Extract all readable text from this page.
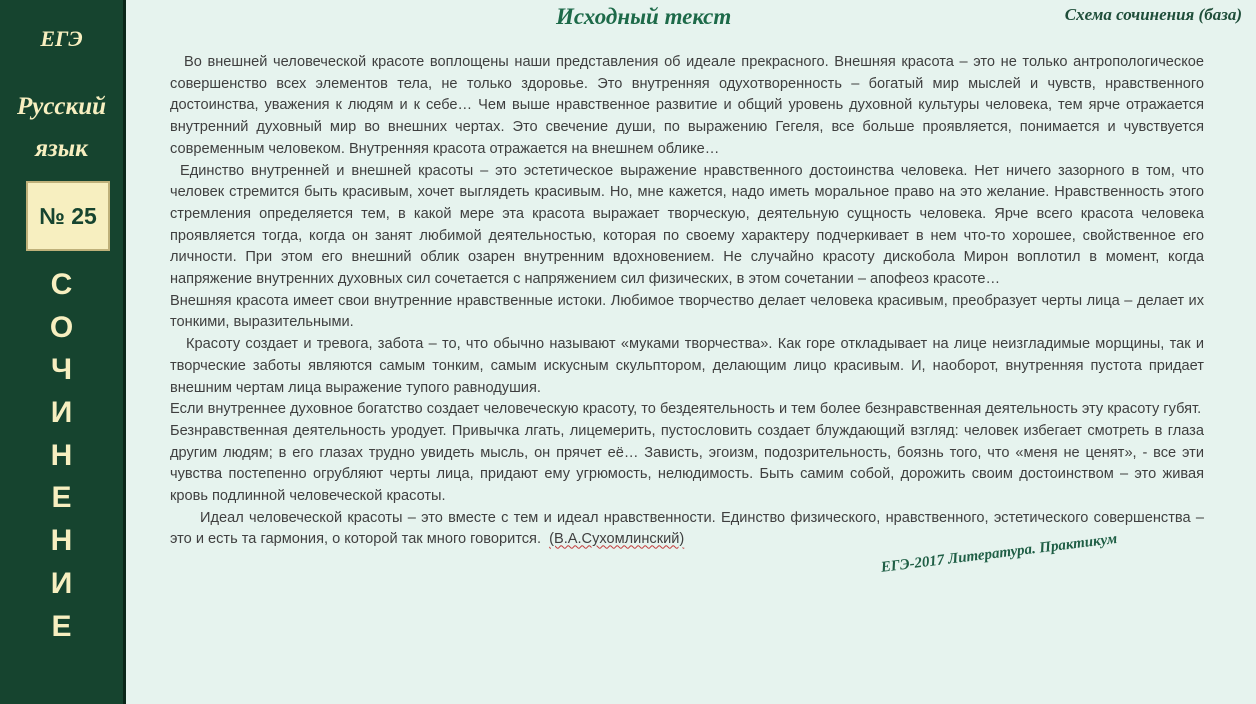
ЕГЭ
Русский
язык
№ 25
С
О
Ч
И
Н
Е
Н
И
Е
Исходный текст	Схема сочинения (база)

Во внешней человеческой красоте воплощены наши представления об идеале прекрасного. Внешняя красота – это не только антропологическое совершенство всех элементов тела, не только здоровье. Это внутренняя одухотворенность – богатый мир мыслей и чувств, нравственного достоинства, уважения к людям и к себе… Чем выше нравственное развитие и общий уровень духовной культуры человека, тем ярче отражается внутренний духовный мир во внешних чертах. Это свечение души, по выражению Гегеля, все больше проявляется, понимается и чувствуется современным человеком. Внутренняя красота отражается на внешнем облике…

Единство внутренней и внешней красоты – это эстетическое выражение нравственного достоинства человека. Нет ничего зазорного в том, что человек стремится быть красивым, хочет выглядеть красивым. Но, мне кажется, надо иметь моральное право на это желание. Нравственность этого стремления определяется тем, в какой мере эта красота выражает творческую, деятельную сущность человека. Ярче всего красота человека проявляется тогда, когда он занят любимой деятельностью, которая по своему характеру подчеркивает в нем что-то хорошее, свойственное его личности. При этом его внешний облик озарен внутренним вдохновением. Не случайно красоту дискобола Мирон воплотил в момент, когда напряжение внутренних духовных сил сочетается с напряжением сил физических, в этом сочетании – апофеоз красоте…

Внешняя красота имеет свои внутренние нравственные истоки. Любимое творчество делает человека красивым, преобразует черты лица – делает их тонкими, выразительными.

Красоту создает и тревога, забота – то, что обычно называют «муками творчества». Как горе откладывает на лице неизгладимые морщины, так и творческие заботы являются самым тонким, самым искусным скульптором, делающим лицо красивым. И, наоборот, внутренняя пустота придает внешним чертам лица выражение тупого равнодушия.

Если внутреннее духовное богатство создает человеческую красоту, то бездеятельность и тем более безнравственная деятельность эту красоту губят.

Безнравственная деятельность уродует. Привычка лгать, лицемерить, пустословить создает блуждающий взгляд: человек избегает смотреть в глаза другим людям; в его глазах трудно увидеть мысль, он прячет её… Зависть, эгоизм, подозрительность, боязнь того, что «меня не ценят», - все эти чувства постепенно огрубляют черты лица, придают ему угрюмость, нелюдимость. Быть самим собой, дорожить своим достоинством – это живая кровь подлинной человеческой красоты.

Идеал человеческой красоты – это вместе с тем и идеал нравственности. Единство физического, нравственного, эстетического совершенства – это и есть та гармония, о которой так много говорится. (В.А.Сухомлинский)	ЕГЭ-2017 Литература. Практикум
